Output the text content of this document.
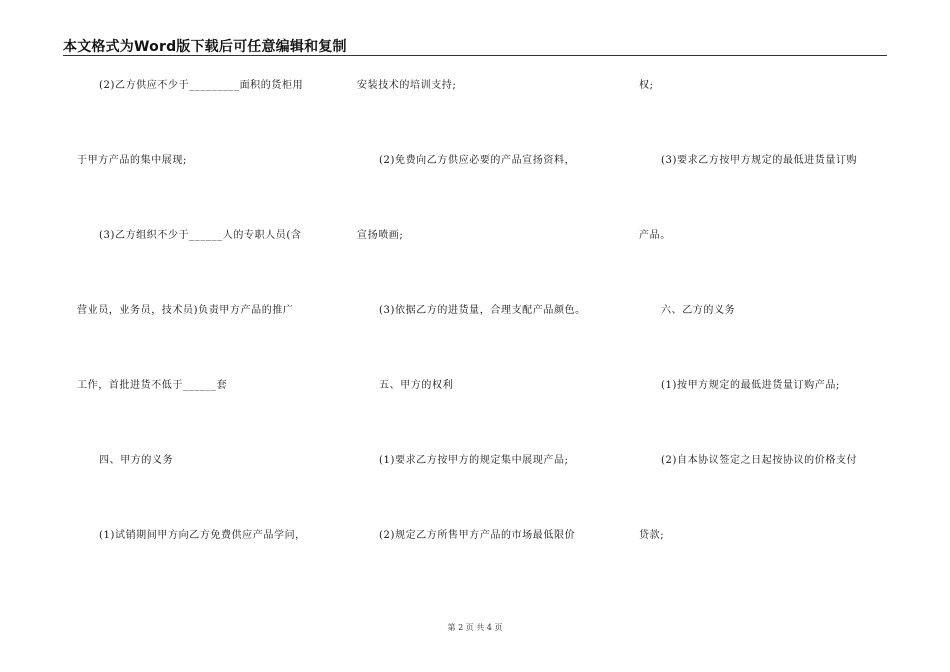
本文格式为Word版下载后可任意编辑和复制
(2)乙方供应不少于_________面积的货柜用
于甲方产品的集中展现;
(3)乙方组织不少于______人的专职人员(含
营业员，业务员，技术员)负责甲方产品的推广
工作，首批进货不低于______套
四、甲方的义务
(1)试销期间甲方向乙方免费供应产品学问，
安装技术的培训支持;
(2)免费向乙方供应必要的产品宣扬资料，
宣扬喷画;
(3)依据乙方的进货量，合理支配产品颜色。
五、甲方的权利
(1)要求乙方按甲方的规定集中展现产品;
(2)规定乙方所售甲方产品的市场最低限价
权;
(3)要求乙方按甲方规定的最低进货量订购
产品。
六、乙方的义务
(1)按甲方规定的最低进货量订购产品;
(2)自本协议签定之日起按协议的价格支付
贷款;
第 2 页 共 4 页
